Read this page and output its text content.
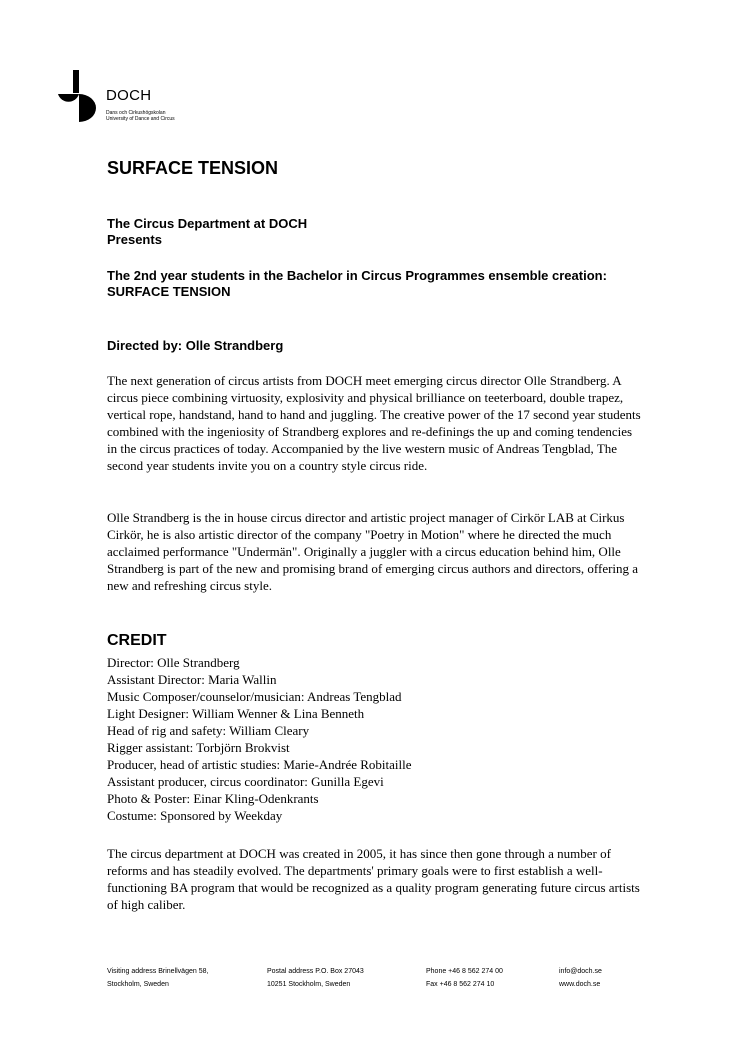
DOCH
Dans och Cirkushögskolan
University of Dance and Circus
SURFACE TENSION
The Circus Department at DOCH
Presents
The 2nd year students in the Bachelor in Circus Programmes ensemble creation:
SURFACE TENSION
Directed by: Olle Strandberg

The next generation of circus artists from DOCH meet emerging circus director Olle Strandberg. A circus piece combining virtuosity, explosivity and physical brilliance on teeterboard, double trapez, vertical rope, handstand, hand to hand and juggling. The creative power of the 17 second year students combined with the ingeniosity of Strandberg explores and re-definings the up and coming tendencies in the circus practices of today. Accompanied by the live western music of Andreas Tengblad, The second year students invite you on a country style circus ride.

Olle Strandberg is the in house circus director and artistic project manager of Cirkör LAB at Cirkus Cirkör, he is also artistic director of the company "Poetry in Motion" where he directed the much acclaimed performance "Undermän". Originally a juggler with a circus education behind him, Olle Strandberg is part of the new and promising brand of emerging circus authors and directors, offering a new and refreshing circus style.

CREDIT
Director: Olle Strandberg
Assistant Director: Maria Wallin
Music Composer/counselor/musician: Andreas Tengblad
Light Designer: William Wenner & Lina Benneth
Head of rig and safety: William Cleary
Rigger assistant: Torbjörn Brokvist
Producer, head of artistic studies: Marie-Andrée Robitaille
Assistant producer, circus coordinator: Gunilla Egevi
Photo & Poster: Einar Kling-Odenkrants
Costume: Sponsored by Weekday

The circus department at DOCH was created in 2005, it has since then gone through a number of reforms and has steadily evolved. The departments' primary goals were to first establish a well-functioning BA program that would be recognized as a quality program generating future circus artists of high caliber.

Visiting address Brinellvägen 58,
Stockholm, Sweden
Postal address P.O. Box 27043
10251 Stockholm, Sweden
Phone +46 8 562 274 00
Fax +46 8 562 274 10
info@doch.se
www.doch.se
